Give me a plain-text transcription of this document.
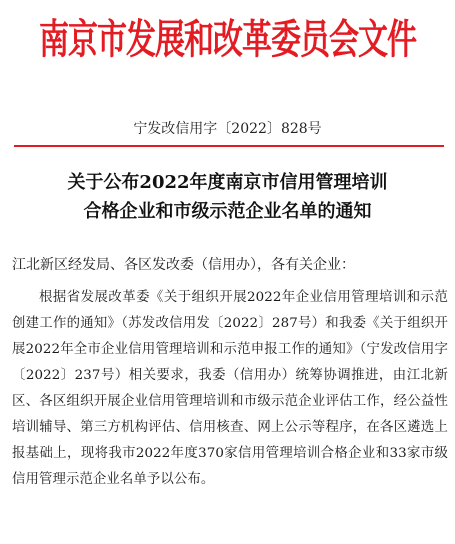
南京市发展和改革委员会文件
宁发改信用字〔2022〕828号
关于公布2022年度南京市信用管理培训
合格企业和市级示范企业名单的通知
江北新区经发局、各区发改委（信用办），各有关企业：
根据省发展改革委《关于组织开展2022年企业信用管理培训和示范创建工作的通知》（苏发改信用发〔2022〕287号）和我委《关于组织开展2022年全市企业信用管理培训和示范申报工作的通知》（宁发改信用字〔2022〕237号）相关要求，我委（信用办）统筹协调推进，由江北新区、各区组织开展企业信用管理培训和市级示范企业评估工作，经公益性培训辅导、第三方机构评估、信用核查、网上公示等程序，在各区遴选上报基础上，现将我市2022年度370家信用管理培训合格企业和33家市级信用管理示范企业名单予以公布。
